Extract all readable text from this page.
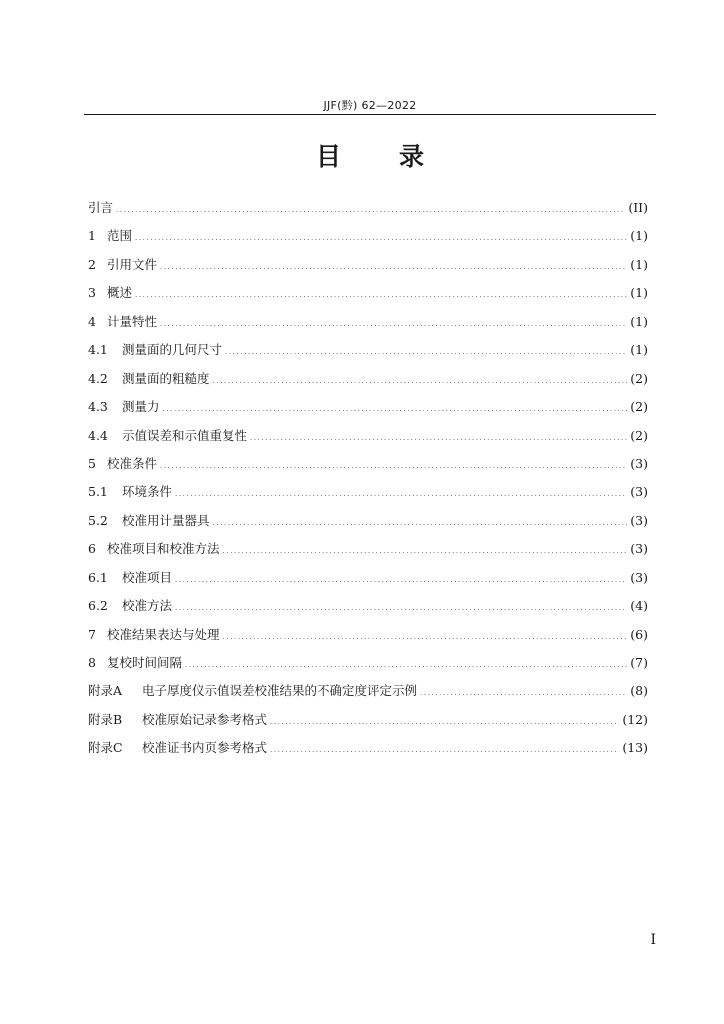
JJF(黔) 62—2022
目录
引言 .....	(II)
1 范围 .....	(1)
2 引用文件 .....	(1)
3 概述 .....	(1)
4 计量特性 .....	(1)
4.1	测量面的几何尺寸 .....	(1)
4.2	测量面的粗糙度 .....	(2)
4.3	测量力 .....	(2)
4.4	示值误差和示值重复性 .....	(2)
5 校准条件 .....	(3)
5.1	环境条件 .....	(3)
5.2	校准用计量器具 .....	(3)
6 校准项目和校准方法 .....	(3)
6.1	校准项目 .....	(3)
6.2	校准方法 .....	(4)
7 校准结果表达与处理 .....	(6)
8 复校时间间隔 .....	(7)
附录A	电子厚度仪示值误差校准结果的不确定度评定示例 .....	(8)
附录B	校准原始记录参考格式 .....	(12)
附录C	校准证书内页参考格式 .....	(13)
I
